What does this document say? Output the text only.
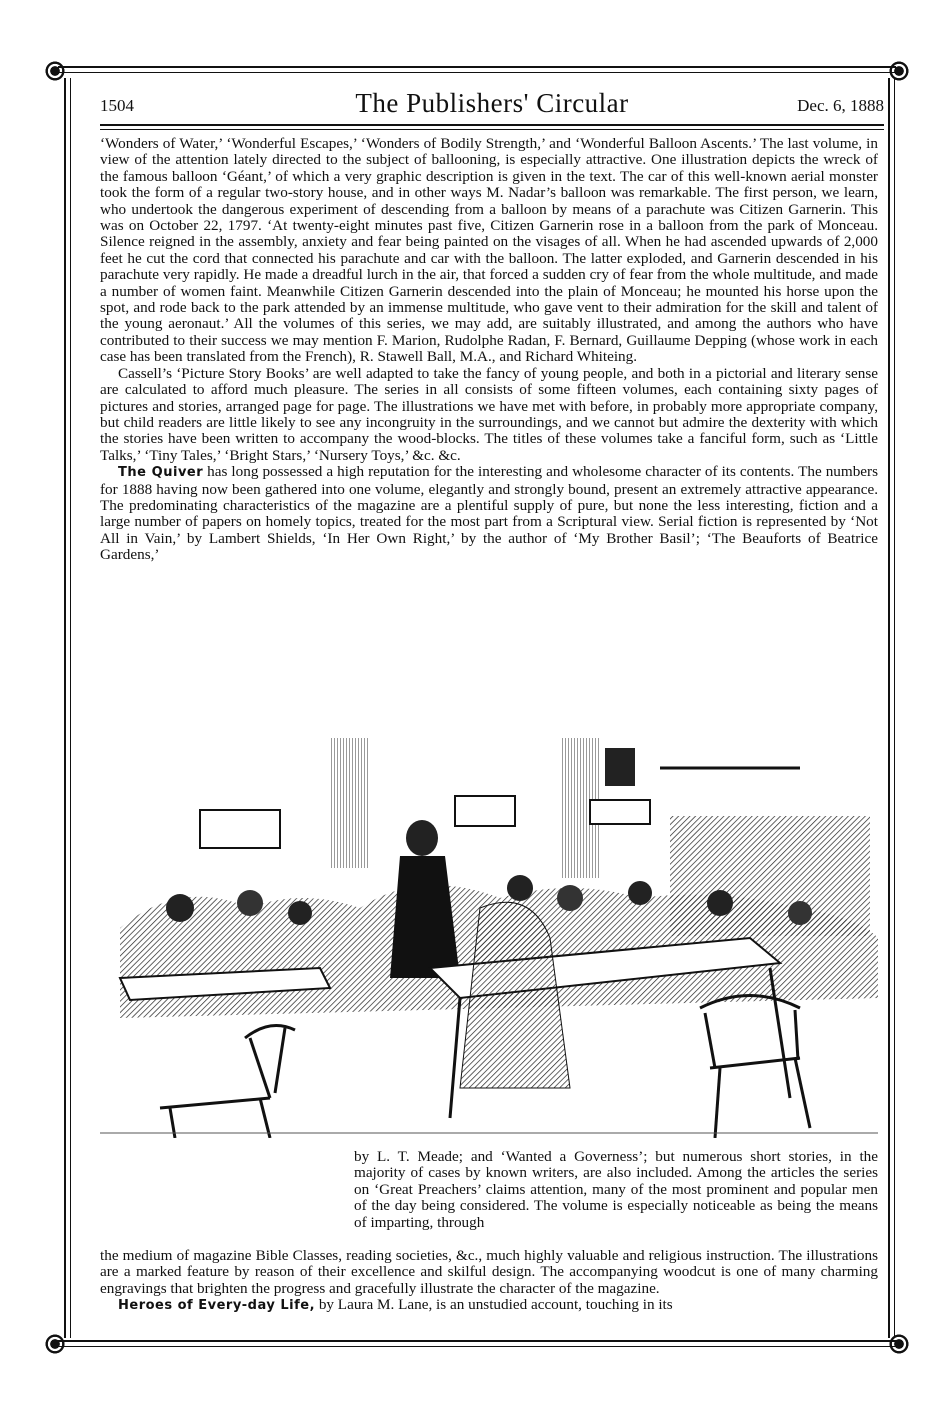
1504	The Publishers' Circular	Dec. 6, 1888

‘Wonders of Water,’ ‘Wonderful Escapes,’ ‘Wonders of Bodily Strength,’ and ‘Wonderful Balloon Ascents.’ The last volume, in view of the attention lately directed to the subject of ballooning, is especially attractive. One illustration depicts the wreck of the famous balloon ‘Géant,’ of which a very graphic description is given in the text. The car of this well-known aerial monster took the form of a regular two-story house, and in other ways M. Nadar’s balloon was remarkable. The first person, we learn, who undertook the dangerous experiment of descending from a balloon by means of a parachute was Citizen Garnerin. This was on October 22, 1797. ‘At twenty-eight minutes past five, Citizen Garnerin rose in a balloon from the park of Monceau. Silence reigned in the assembly, anxiety and fear being painted on the visages of all. When he had ascended upwards of 2,000 feet he cut the cord that connected his parachute and car with the balloon. The latter exploded, and Garnerin descended in his parachute very rapidly. He made a dreadful lurch in the air, that forced a sudden cry of fear from the whole multitude, and made a number of women faint. Meanwhile Citizen Garnerin descended into the plain of Monceau; he mounted his horse upon the spot, and rode back to the park attended by an immense multitude, who gave vent to their admiration for the skill and talent of the young aeronaut.’ All the volumes of this series, we may add, are suitably illustrated, and among the authors who have contributed to their success we may mention F. Marion, Rudolphe Radan, F. Bernard, Guillaume Depping (whose work in each case has been translated from the French), R. Stawell Ball, M.A., and Richard Whiteing.

Cassell’s ‘Picture Story Books’ are well adapted to take the fancy of young people, and both in a pictorial and literary sense are calculated to afford much pleasure. The series in all consists of some fifteen volumes, each containing sixty pages of pictures and stories, arranged page for page. The illustrations we have met with before, in probably more appropriate company, but child readers are little likely to see any incongruity in the surroundings, and we cannot but admire the dexterity with which the stories have been written to accompany the wood-blocks. The titles of these volumes take a fanciful form, such as ‘Little Talks,’ ‘Tiny Tales,’ ‘Bright Stars,’ ‘Nursery Toys,’ &c. &c.

The Quiver has long possessed a high reputation for the interesting and wholesome character of its contents. The numbers for 1888 having now been gathered into one volume, elegantly and strongly bound, present an extremely attractive appearance. The predominating characteristics of the magazine are a plentiful supply of pure, but none the less interesting, fiction and a large number of papers on homely topics, treated for the most part from a Scriptural view. Serial fiction is represented by ‘Not All in Vain,’ by Lambert Shields, ‘In Her Own Right,’ by the author of ‘My Brother Basil’; ‘The Beauforts of Beatrice Gardens,’

by L. T. Meade; and ‘Wanted a Governess’; but numerous short stories, in the majority of cases by known writers, are also included. Among the articles the series on ‘Great Preachers’ claims attention, many of the most prominent and popular men of the day being considered. The volume is especially noticeable as being the means of imparting, through

the medium of magazine Bible Classes, reading societies, &c., much highly valuable and religious instruction. The illustrations are a marked feature by reason of their excellence and skilful design. The accompanying woodcut is one of many charming engravings that brighten the progress and gracefully illustrate the character of the magazine.

Heroes of Every-day Life, by Laura M. Lane, is an unstudied account, touching in its
